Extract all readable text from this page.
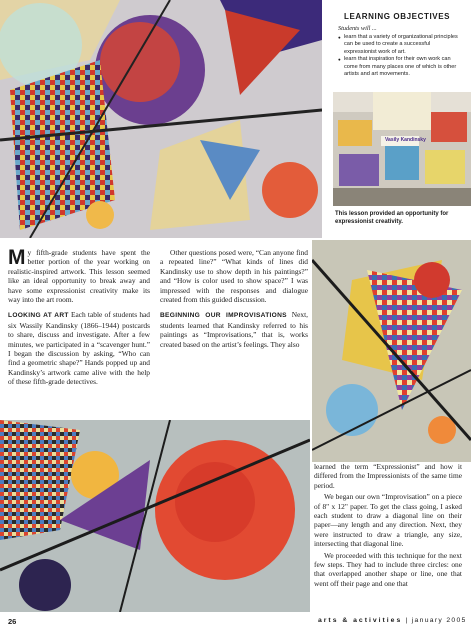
Vasily Kandinsky
LEARNING OBJECTIVES
Students will ...
● learn that a variety of organizational principles can be used to create a successful expressionist work of art.
● learn that inspiration for their own work can come from many places one of which is other artists and art movements.
This lesson provided an opportunity for expressionist creativity.

My fifth-grade students have spent the better portion of the year working on realistic-inspired artwork. This lesson seemed like an ideal opportunity to break away and have some expressionist creativity make its way into the art room.

LOOKING AT ART Each table of students had six Wassily Kandinsky (1866–1944) postcards to share, discuss and investigate. After a few minutes, we participated in a “scavenger hunt.” I began the discussion by asking, “Who can find a geometric shape?” Hands popped up and Kandinsky’s artwork came alive with the help of these fifth-grade detectives.

Other questions posed were, “Can anyone find a repeated line?” “What kinds of lines did Kandinsky use to show depth in his paintings?” and “How is color used to show space?” I was impressed with the responses and dialogue created from this guided discussion.

BEGINNING OUR IMPROVISATIONS Next, students learned that Kandinsky referred to his paintings as “Improvisations,” that is, works created based on the artist’s feelings. They also

learned the term “Expressionist” and how it differed from the Impressionists of the same time period.

We began our own “Improvisation” on a piece of 8" x 12" paper. To get the class going, I asked each student to draw a diagonal line on their paper—any length and any direction. Next, they were instructed to draw a triangle, any size, intersecting that diagonal line.

We proceeded with this technique for the next few steps. They had to include three circles: one that overlapped another shape or line, one that went off their page and one that

26	arts & activities | january 2005
